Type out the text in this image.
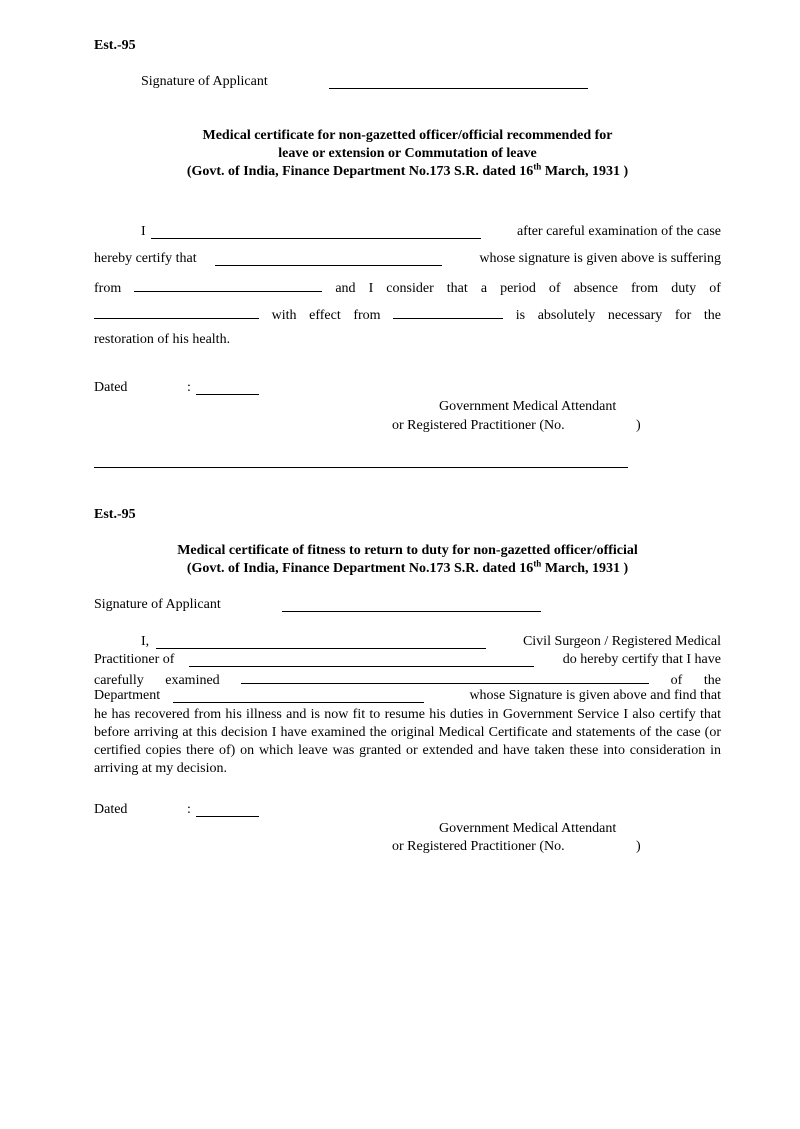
Est.-95
Signature of Applicant
Medical certificate for non-gazetted officer/official recommended for
leave or extension or Commutation of leave
(Govt. of India, Finance Department No.173 S.R. dated 16th March, 1931 )
I	after careful examination of the case
hereby certify that	whose signature is given above is suffering
from	and I consider that a period of absence from duty of
with effect from	is absolutely necessary for the
restoration of his health.
Dated	:
Government Medical Attendant
or Registered Practitioner (No.	)
Est.-95
Medical certificate of fitness to return to duty for non-gazetted officer/official
(Govt. of India, Finance Department No.173 S.R. dated 16th March, 1931 )
Signature of Applicant
I,	Civil Surgeon / Registered Medical
Practitioner of	do hereby certify that I have
carefully examined	of the
Department	whose Signature is given above and find that
he has recovered from his illness and is now fit to resume his duties in Government Service I also certify that before arriving at this decision I have examined the original Medical Certificate and statements of the case (or certified copies there of) on which leave was granted or extended and have taken these into consideration in arriving at my decision.
Dated	:
Government Medical Attendant
or Registered Practitioner (No.	)
